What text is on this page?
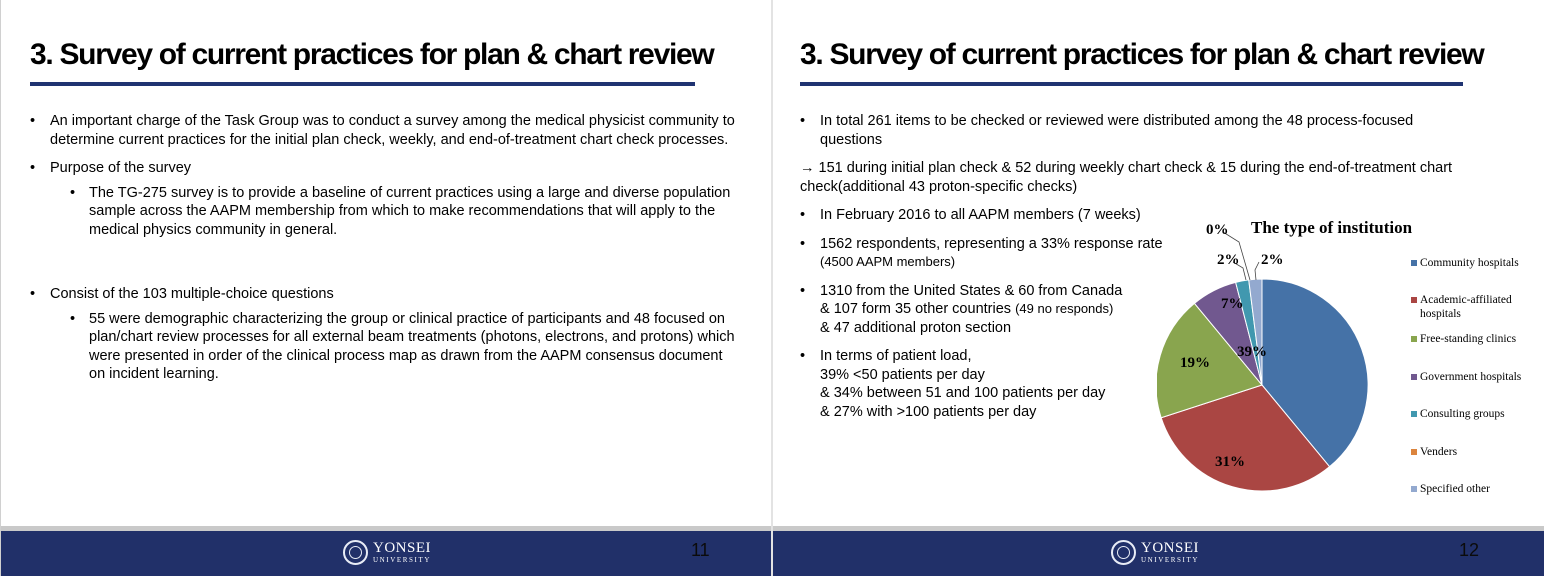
3. Survey of current practices for plan & chart review
• An important charge of the Task Group was to conduct a survey among the medical physicist community to determine current practices for the initial plan check, weekly, and end-of-treatment chart check processes.
• Purpose of the survey
• The TG-275 survey is to provide a baseline of current practices using a large and diverse population sample across the AAPM membership from which to make recommendations that will apply to the medical physics community in general.
• Consist of the 103 multiple-choice questions
• 55 were demographic characterizing the group or clinical practice of participants and 48 focused on plan/chart review processes for all external beam treatments (photons, electrons, and protons) which were presented in order of the clinical process map as drawn from the AAPM consensus document on incident learning.
YONSEI
UNIVERSITY	11
3. Survey of current practices for plan & chart review
• In total 261 items to be checked or reviewed were distributed among the 48 process-focused questions
→ 151 during initial plan check & 52 during weekly chart check & 15 during the end-of-treatment chart check(additional 43 proton-specific checks)
• In February 2016 to all AAPM members (7 weeks)
• 1562 respondents, representing a 33% response rate
(4500 AAPM members)
• 1310 from the United States & 60 from Canada
& 107 form 35 other countries (49 no responds)
& 47 additional proton section
• In terms of patient load,
39% <50 patients per day
& 34% between 51 and 100 patients per day
& 27% with >100 patients per day
The type of institution
39%
31%
19%
7%
2%
0%
2%	Community hospitals
Academic-affiliated hospitals
Free-standing clinics
Government hospitals
Consulting groups
Venders
Specified other
YONSEI
UNIVERSITY	12
